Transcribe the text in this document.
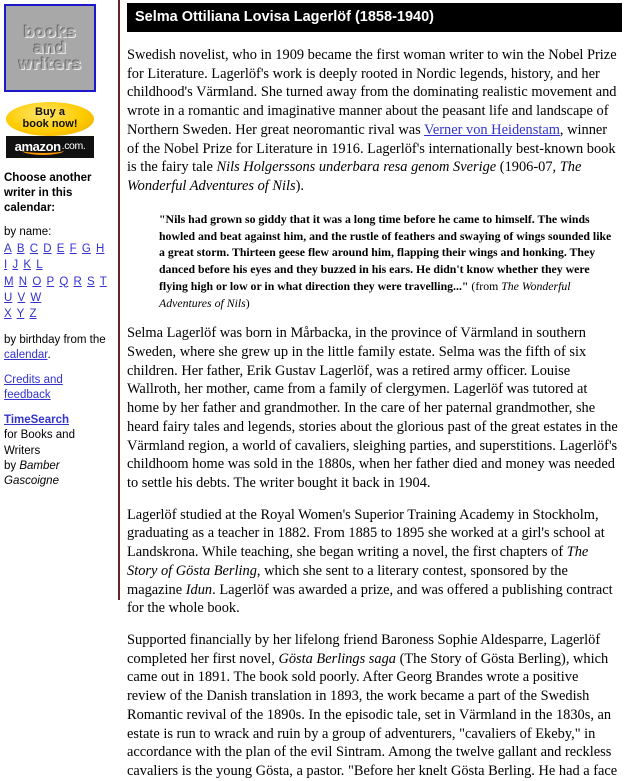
books
and
writers
Buy a
book now!
amazon .com.
Choose another writer in this calendar:
by name:
A B C D E F G H I J K L
M N O P Q R S T U V W
X Y Z
by birthday from the calendar.
Credits and feedback
TimeSearch
for Books and Writers
by Bamber Gascoigne
Selma Ottiliana Lovisa Lagerlöf (1858-1940)
Swedish novelist, who in 1909 became the first woman writer to win the Nobel Prize for Literature. Lagerlöf's work is deeply rooted in Nordic legends, history, and her childhood's Värmland. She turned away from the dominating realistic movement and wrote in a romantic and imaginative manner about the peasant life and landscape of Northern Sweden. Her great neoromantic rival was Verner von Heidenstam, winner of the Nobel Prize for Literature in 1916. Lagerlöf's internationally best-known book is the fairy tale Nils Holgerssons underbara resa genom Sverige (1906-07, The Wonderful Adventures of Nils).
"Nils had grown so giddy that it was a long time before he came to himself. The winds howled and beat against him, and the rustle of feathers and swaying of wings sounded like a great storm. Thirteen geese flew around him, flapping their wings and honking. They danced before his eyes and they buzzed in his ears. He didn't know whether they were flying high or low or in what direction they were travelling..." (from The Wonderful Adventures of Nils)
Selma Lagerlöf was born in Mårbacka, in the province of Värmland in southern Sweden, where she grew up in the little family estate. Selma was the fifth of six children. Her father, Erik Gustav Lagerlöf, was a retired army officer. Louise Wallroth, her mother, came from a family of clergymen. Lagerlöf was tutored at home by her father and grandmother. In the care of her paternal grandmother, she heard fairy tales and legends, stories about the glorious past of the great estates in the Värmland region, a world of cavaliers, sleighing parties, and superstitions. Lagerlöf's childhoom home was sold in the 1880s, when her father died and money was needed to settle his debts. The writer bought it back in 1904.
Lagerlöf studied at the Royal Women's Superior Training Academy in Stockholm, graduating as a teacher in 1882. From 1885 to 1895 she worked at a girl's school at Landskrona. While teaching, she began writing a novel, the first chapters of The Story of Gösta Berling, which she sent to a literary contest, sponsored by the magazine Idun. Lagerlöf was awarded a prize, and was offered a publishing contract for the whole book.
Supported financially by her lifelong friend Baroness Sophie Aldesparre, Lagerlöf completed her first novel, Gösta Berlings saga (The Story of Gösta Berling), which came out in 1891. The book sold poorly. After Georg Brandes wrote a positive review of the Danish translation in 1893, the work became a part of the Swedish Romantic revival of the 1890s. In the episodic tale, set in Värmland in the 1830s, an estate is run to wrack and ruin by a group of adventurers, "cavaliers of Ekeby," in accordance with the plan of the evil Sintram. Among the twelve gallant and reckless cavaliers is the young Gösta, a pastor. "Before her knelt Gösta Berling. He had a face
